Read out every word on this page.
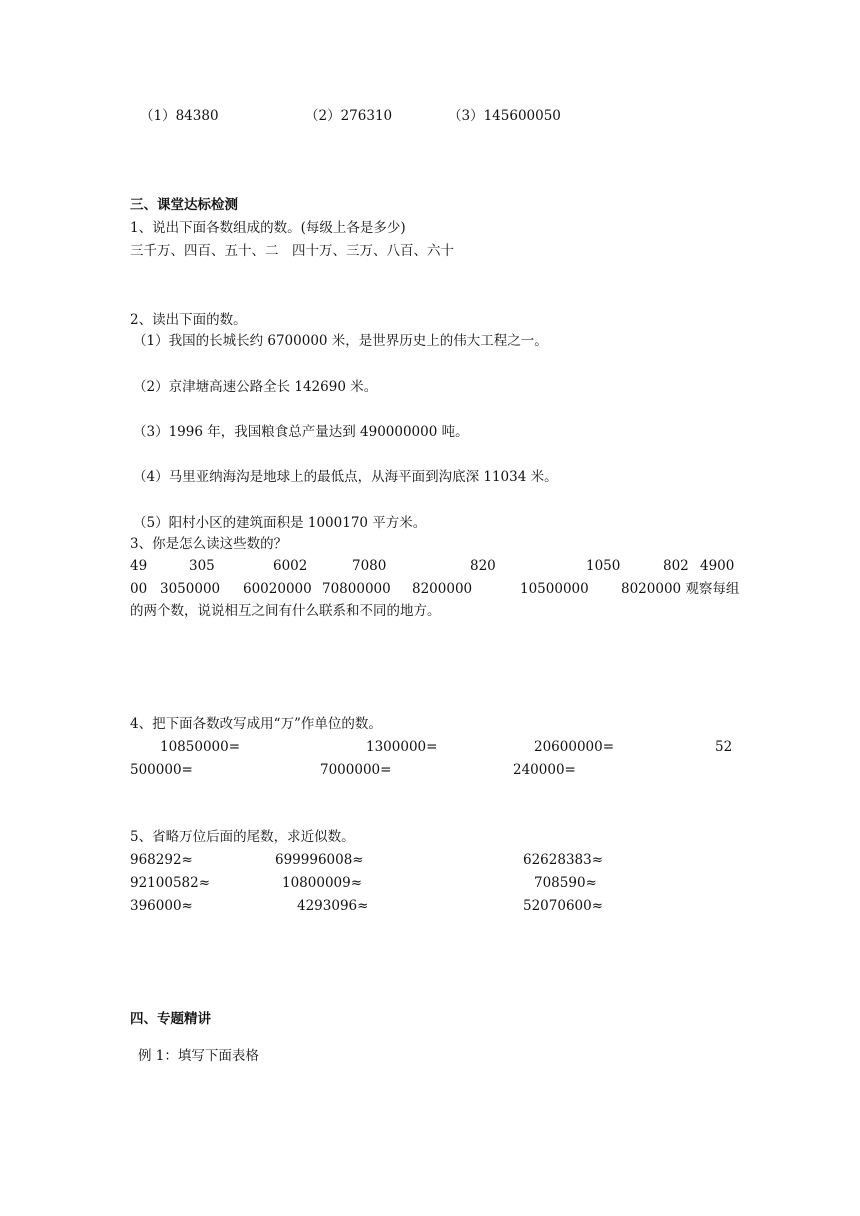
（1）84380	（2）276310	（3）145600050
三、课堂达标检测
1、说出下面各数组成的数。(每级上各是多少)
三千万、四百、五十、二　四十万、三万、八百、六十
2、读出下面的数。
（1）我国的长城长约 6700000 米，是世界历史上的伟大工程之一。
（2）京津塘高速公路全长 142690 米。
（3）1996 年，我国粮食总产量达到 490000000 吨。
（4）马里亚纳海沟是地球上的最低点，从海平面到沟底深 11034 米。
（5）阳村小区的建筑面积是 1000170 平方米。
3、你是怎么读这些数的？
49	305	6002	7080	820	1050	802 4900
00 3050000 60020000 70800000 8200000	10500000 8020000 观察每组
的两个数，说说相互之间有什么联系和不同的地方。
4、把下面各数改写成用“万”作单位的数。
10850000=	1300000=	20600000=	52
500000=	7000000=	240000=
5、省略万位后面的尾数，求近似数。
968292≈	699996008≈	62628383≈
92100582≈	10800009≈	708590≈
396000≈	4293096≈	52070600≈
四、专题精讲
例 1：填写下面表格
